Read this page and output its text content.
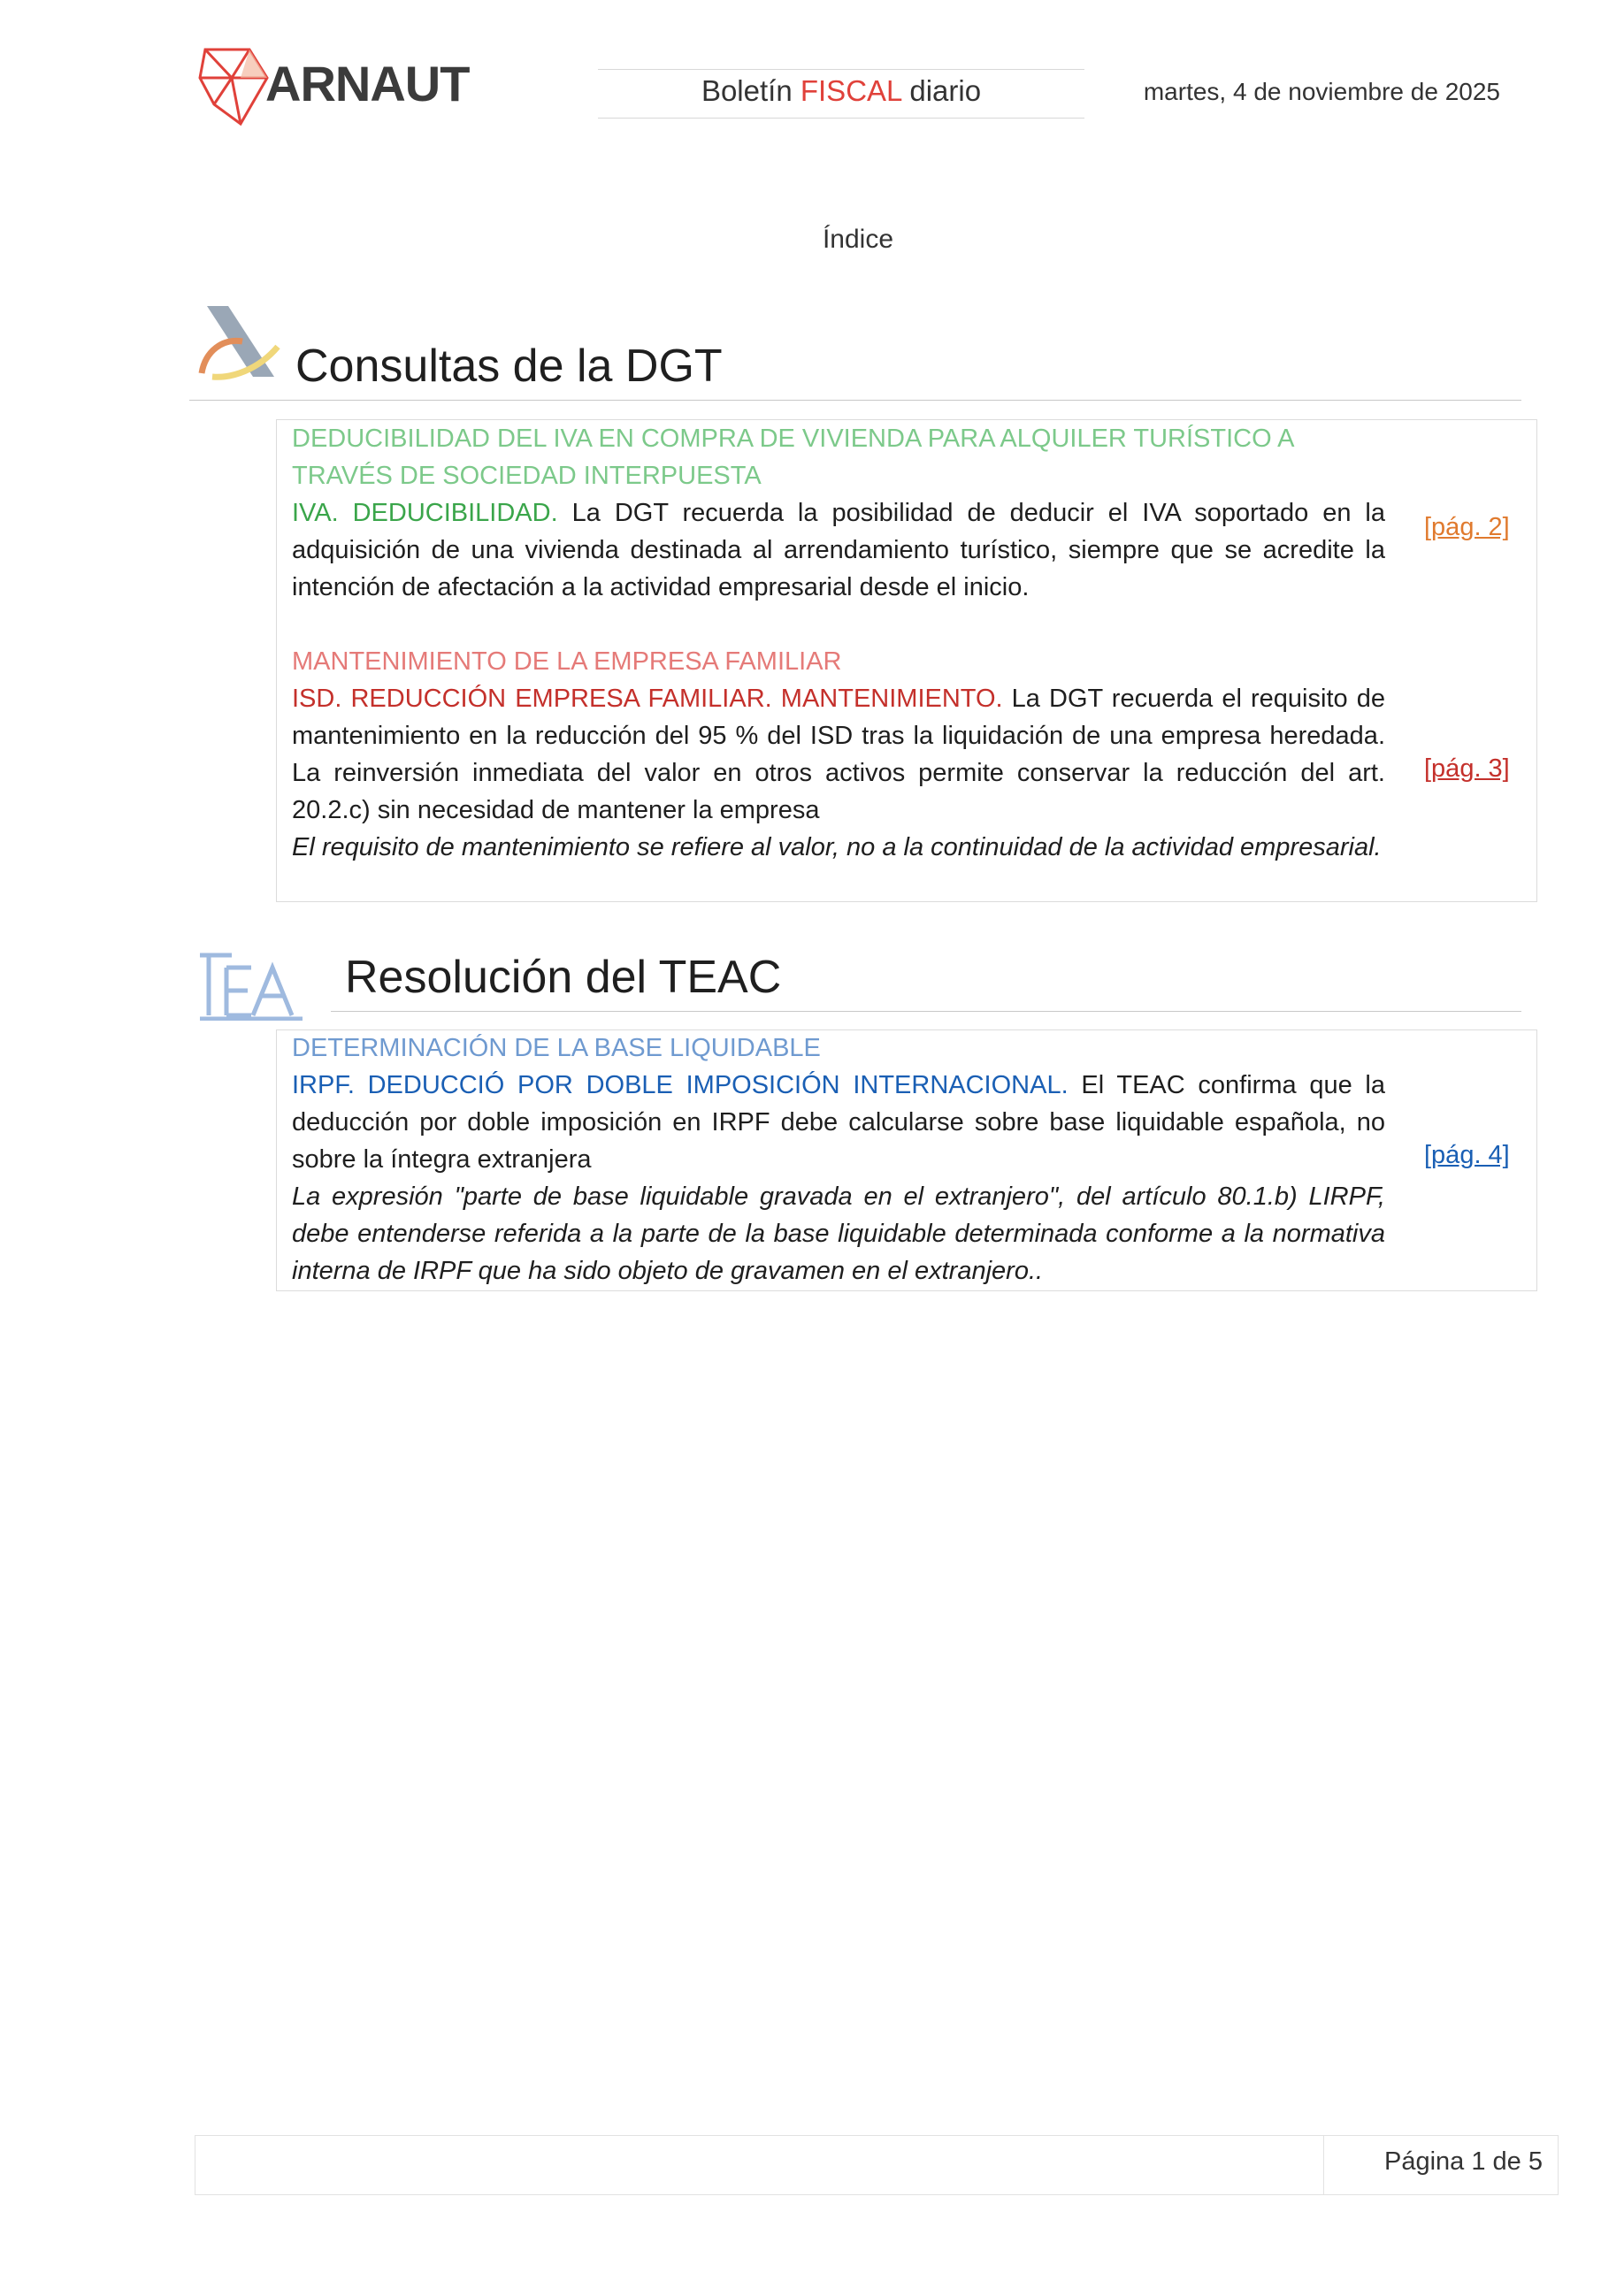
ARNAUT	Boletín FISCAL diario	martes, 4 de noviembre de 2025
Índice
Consultas de la DGT
DEDUCIBILIDAD DEL IVA EN COMPRA DE VIVIENDA PARA ALQUILER TURÍSTICO A TRAVÉS DE SOCIEDAD INTERPUESTA
IVA. DEDUCIBILIDAD. La DGT recuerda la posibilidad de deducir el IVA soportado en la adquisición de una vivienda destinada al arrendamiento turístico, siempre que se acredite la intención de afectación a la actividad empresarial desde el inicio.
[pág. 2]
MANTENIMIENTO DE LA EMPRESA FAMILIAR
ISD. REDUCCIÓN EMPRESA FAMILIAR. MANTENIMIENTO. La DGT recuerda el requisito de mantenimiento en la reducción del 95 % del ISD tras la liquidación de una empresa heredada. La reinversión inmediata del valor en otros activos permite conservar la reducción del art. 20.2.c) sin necesidad de mantener la empresa
El requisito de mantenimiento se refiere al valor, no a la continuidad de la actividad empresarial.
[pág. 3]
Resolución del TEAC
DETERMINACIÓN DE LA BASE LIQUIDABLE
IRPF. DEDUCCIÓ POR DOBLE IMPOSICIÓN INTERNACIONAL. El TEAC confirma que la deducción por doble imposición en IRPF debe calcularse sobre base liquidable española, no sobre la íntegra extranjera
La expresión "parte de base liquidable gravada en el extranjero", del artículo 80.1.b) LIRPF, debe entenderse referida a la parte de la base liquidable determinada conforme a la normativa interna de IRPF que ha sido objeto de gravamen en el extranjero..
[pág. 4]
Página 1 de 5
